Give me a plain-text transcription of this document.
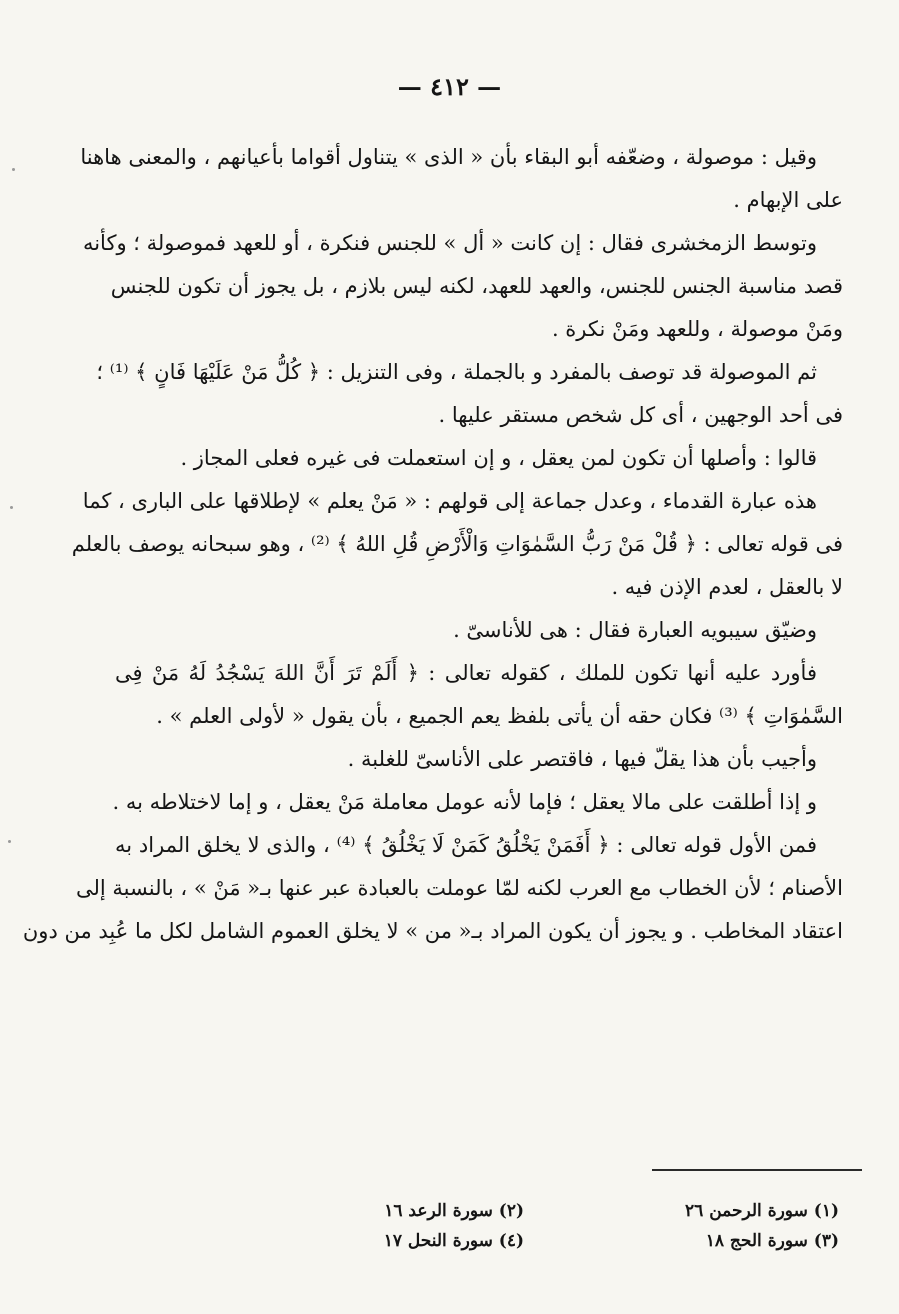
— ٤١٢ —
وقيل : موصولة ، وضعّفه أبو البقاء بأن « الذى » يتناول أقواما بأعيانهم ، والمعنى هاهنا
على الإبهام .
وتوسط الزمخشرى فقال : إن كانت « أل » للجنس فنكرة ، أو للعهد فموصولة ؛ وكأنه
قصد مناسبة الجنس للجنس، والعهد للعهد، لكنه ليس بلازم ، بل يجوز أن تكون للجنس
ومَنْ موصولة ، وللعهد ومَنْ نكرة .
ثم الموصولة قد توصف بالمفرد و بالجملة ، وفى التنزيل : ﴿ كُلُّ مَنْ عَلَيْهَا فَانٍ ﴾ ⁽¹⁾ ؛
فى أحد الوجهين ، أى كل شخص مستقر عليها .
قالوا : وأصلها أن تكون لمن يعقل ، و إن استعملت فى غيره فعلى المجاز .
هذه عبارة القدماء ، وعدل جماعة إلى قولهم : « مَنْ يعلم » لإطلاقها على البارى ، كما
فى قوله تعالى : ﴿ قُلْ مَنْ رَبُّ السَّمٰوَاتِ وَالْأَرْضِ قُلِ اللهُ ﴾ ⁽²⁾ ، وهو سبحانه يوصف بالعلم
لا بالعقل ، لعدم الإذن فيه .
وضيّق سيبويه العبارة فقال : هى للأناسىّ .
فأورد عليه أنها تكون للملك ، كقوله تعالى : ﴿ أَلَمْ تَرَ أَنَّ اللهَ يَسْجُدُ لَهُ مَنْ فِى
السَّمٰوَاتِ ﴾ ⁽³⁾ فكان حقه أن يأتى بلفظ يعم الجميع ، بأن يقول « لأولى العلم » .
وأجيب بأن هذا يقلّ فيها ، فاقتصر على الأناسىّ للغلبة .
و إذا أطلقت على مالا يعقل ؛ فإما لأنه عومل معاملة مَنْ يعقل ، و إما لاختلاطه به .
فمن الأول قوله تعالى : ﴿ أَفَمَنْ يَخْلُقُ كَمَنْ لَا يَخْلُقُ ﴾ ⁽⁴⁾ ، والذى لا يخلق المراد به
الأصنام ؛ لأن الخطاب مع العرب لكنه لمّا عوملت بالعبادة عبر عنها بـ« مَنْ » ، بالنسبة إلى
اعتقاد المخاطب . و يجوز أن يكون المراد بـ« من » لا يخلق العموم الشامل لكل ما عُبِد من دون
(١) سورة الرحمن ٢٦
(٢) سورة الرعد ١٦
(٣) سورة الحج ١٨
(٤) سورة النحل ١٧
